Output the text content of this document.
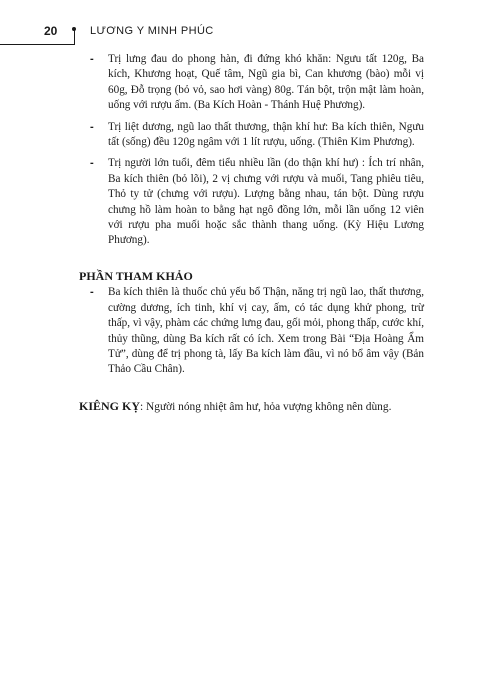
20	LƯƠNG Y MINH PHÚC
- Trị lưng đau do phong hàn, đi đứng khó khăn: Ngưu tất 120g, Ba kích, Khương hoạt, Quế tâm, Ngũ gia bì, Can khương (bào) mỗi vị 60g, Đỗ trọng (bỏ vỏ, sao hơi vàng) 80g. Tán bột, trộn mật làm hoàn, uống với rượu ấm. (Ba Kích Hoàn - Thánh Huệ Phương).
- Trị liệt dương, ngũ lao thất thương, thận khí hư: Ba kích thiên, Ngưu tất (sống) đều 120g ngâm với 1 lít rượu, uống. (Thiên Kim Phương).
- Trị người lớn tuổi, đêm tiểu nhiều lần (do thận khí hư) : Ích trí nhân, Ba kích thiên (bỏ lõi), 2 vị chưng với rượu và muối, Tang phiêu tiêu, Thỏ ty tử (chưng với rượu). Lượng bằng nhau, tán bột. Dùng rượu chưng hồ làm hoàn to bằng hạt ngô đồng lớn, mỗi lần uống 12 viên với rượu pha muối hoặc sắc thành thang uống. (Kỳ Hiệu Lương Phương).
PHẦN THAM KHẢO
- Ba kích thiên là thuốc chủ yếu bổ Thận, năng trị ngũ lao, thất thương, cường dương, ích tinh, khí vị cay, ấm, có tác dụng khử phong, trừ thấp, vì vậy, phàm các chứng lưng đau, gối mỏi, phong thấp, cước khí, thủy thũng, dùng Ba kích rất có ích. Xem trong Bài “Địa Hoàng Ẩm Tử”, dùng để trị phong tà, lấy Ba kích làm đầu, vì nó bổ âm vậy (Bản Thảo Cầu Chân).
KIÊNG KỴ: Người nóng nhiệt âm hư, hỏa vượng không nên dùng.
